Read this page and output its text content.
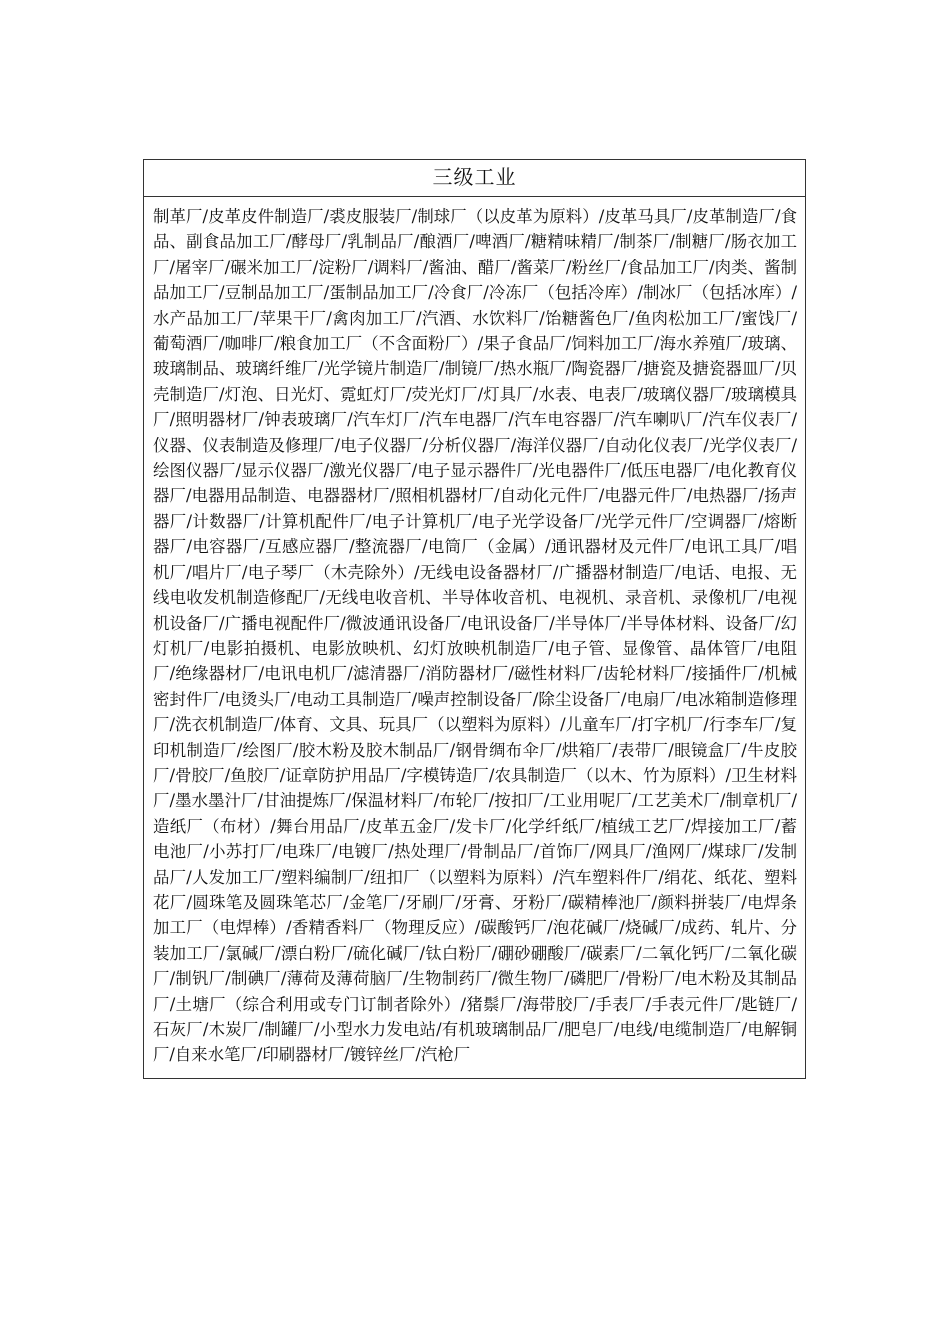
三级工业
制革厂/皮革皮件制造厂/裘皮服装厂/制球厂（以皮革为原料）/皮革马具厂/皮革制造厂/食品、副食品加工厂/酵母厂/乳制品厂/酿酒厂/啤酒厂/糖精味精厂/制茶厂/制糖厂/肠衣加工厂/屠宰厂/碾米加工厂/淀粉厂/调料厂/酱油、醋厂/酱菜厂/粉丝厂/食品加工厂/肉类、酱制品加工厂/豆制品加工厂/蛋制品加工厂/冷食厂/冷冻厂（包括冷库）/制冰厂（包括冰库）/水产品加工厂/苹果干厂/禽肉加工厂/汽酒、水饮料厂/饴糖酱色厂/鱼肉松加工厂/蜜饯厂/葡萄酒厂/咖啡厂/粮食加工厂（不含面粉厂）/果子食品厂/饲料加工厂/海水养殖厂/玻璃、玻璃制品、玻璃纤维厂/光学镜片制造厂/制镜厂/热水瓶厂/陶瓷器厂/搪瓷及搪瓷器皿厂/贝壳制造厂/灯泡、日光灯、霓虹灯厂/荧光灯厂/灯具厂/水表、电表厂/玻璃仪器厂/玻璃模具厂/照明器材厂/钟表玻璃厂/汽车灯厂/汽车电器厂/汽车电容器厂/汽车喇叭厂/汽车仪表厂/仪器、仪表制造及修理厂/电子仪器厂/分析仪器厂/海洋仪器厂/自动化仪表厂/光学仪表厂/绘图仪器厂/显示仪器厂/激光仪器厂/电子显示器件厂/光电器件厂/低压电器厂/电化教育仪器厂/电器用品制造、电器器材厂/照相机器材厂/自动化元件厂/电器元件厂/电热器厂/扬声器厂/计数器厂/计算机配件厂/电子计算机厂/电子光学设备厂/光学元件厂/空调器厂/熔断器厂/电容器厂/互感应器厂/整流器厂/电筒厂（金属）/通讯器材及元件厂/电讯工具厂/唱机厂/唱片厂/电子琴厂（木壳除外）/无线电设备器材厂/广播器材制造厂/电话、电报、无线电收发机制造修配厂/无线电收音机、半导体收音机、电视机、录音机、录像机厂/电视机设备厂/广播电视配件厂/微波通讯设备厂/电讯设备厂/半导体厂/半导体材料、设备厂/幻灯机厂/电影拍摄机、电影放映机、幻灯放映机制造厂/电子管、显像管、晶体管厂/电阻厂/绝缘器材厂/电讯电机厂/滤清器厂/消防器材厂/磁性材料厂/齿轮材料厂/接插件厂/机械密封件厂/电烫头厂/电动工具制造厂/噪声控制设备厂/除尘设备厂/电扇厂/电冰箱制造修理厂/洗衣机制造厂/体育、文具、玩具厂（以塑料为原料）/儿童车厂/打字机厂/行李车厂/复印机制造厂/绘图厂/胶木粉及胶木制品厂/钢骨绸布伞厂/烘箱厂/表带厂/眼镜盒厂/牛皮胶厂/骨胶厂/鱼胶厂/证章防护用品厂/字模铸造厂/农具制造厂（以木、竹为原料）/卫生材料厂/墨水墨汁厂/甘油提炼厂/保温材料厂/布轮厂/按扣厂/工业用呢厂/工艺美术厂/制章机厂/造纸厂（布材）/舞台用品厂/皮革五金厂/发卡厂/化学纤纸厂/植绒工艺厂/焊接加工厂/蓄电池厂/小苏打厂/电珠厂/电镀厂/热处理厂/骨制品厂/首饰厂/网具厂/渔网厂/煤球厂/发制品厂/人发加工厂/塑料编制厂/纽扣厂（以塑料为原料）/汽车塑料件厂/绢花、纸花、塑料花厂/圆珠笔及圆珠笔芯厂/金笔厂/牙刷厂/牙膏、牙粉厂/碳精棒池厂/颜料拼装厂/电焊条加工厂（电焊棒）/香精香料厂（物理反应）/碳酸钙厂/泡花碱厂/烧碱厂/成药、轧片、分装加工厂/氯碱厂/漂白粉厂/硫化碱厂/钛白粉厂/硼砂硼酸厂/碳素厂/二氧化钙厂/二氧化碳厂/制钒厂/制碘厂/薄荷及薄荷脑厂/生物制药厂/微生物厂/磷肥厂/骨粉厂/电木粉及其制品厂/土塘厂（综合利用或专门订制者除外）/猪鬃厂/海带胶厂/手表厂/手表元件厂/匙链厂/石灰厂/木炭厂/制罐厂/小型水力发电站/有机玻璃制品厂/肥皂厂/电线/电缆制造厂/电解铜厂/自来水笔厂/印刷器材厂/镀锌丝厂/汽枪厂
